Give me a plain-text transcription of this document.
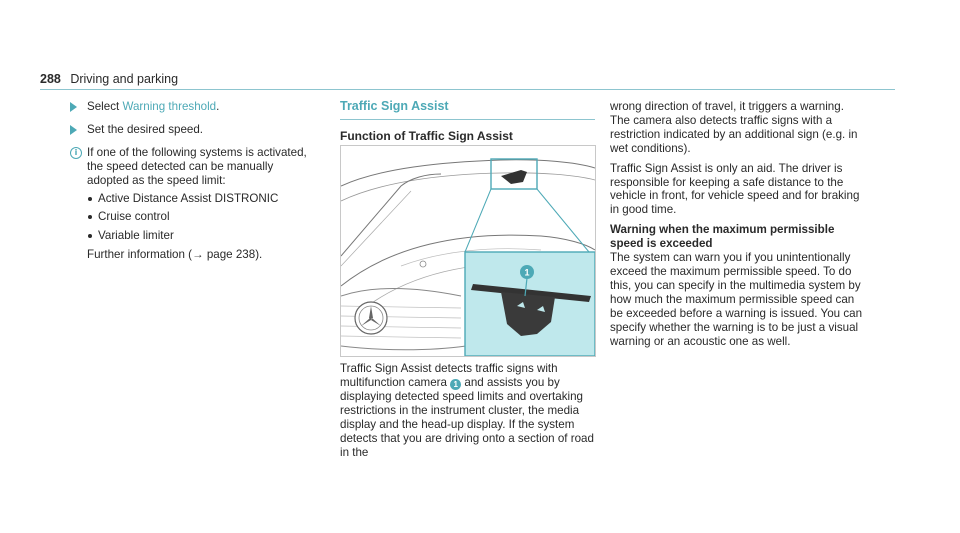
288 Driving and parking
Select Warning threshold.
Set the desired speed.
i If one of the following systems is activated, the speed detected can be manually adopted as the speed limit:
Active Distance Assist DISTRONIC
Cruise control
Variable limiter
Further information (→ page 238).
Traffic Sign Assist
Function of Traffic Sign Assist
1
Traffic Sign Assist detects traffic signs with multifunction camera 1 and assists you by displaying detected speed limits and overtaking restrictions in the instrument cluster, the media display and the head-up display. If the system detects that you are driving onto a section of road in the

wrong direction of travel, it triggers a warning. The camera also detects traffic signs with a restriction indicated by an additional sign (e.g. in wet conditions).

Traffic Sign Assist is only an aid. The driver is responsible for keeping a safe distance to the vehicle in front, for vehicle speed and for braking in good time.

Warning when the maximum permissible speed is exceeded

The system can warn you if you unintentionally exceed the maximum permissible speed. To do this, you can specify in the multimedia system by how much the maximum permissible speed can be exceeded before a warning is issued. You can specify whether the warning is to be just a visual warning or an acoustic one as well.
